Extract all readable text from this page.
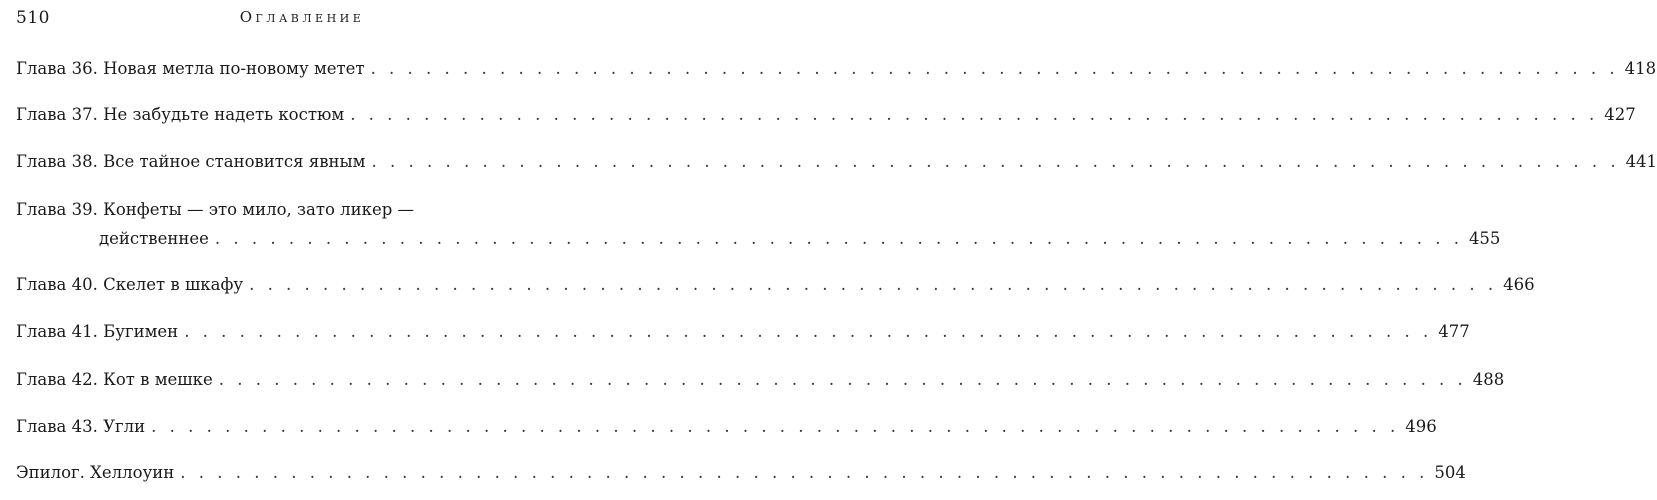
510	Оглавление
Глава 36. Новая метла по-новому метет . . .	418
Глава 37. Не забудьте надеть костюм . . .	427
Глава 38. Все тайное становится явным . . .	441
Глава 39. Конфеты — это мило, зато ликер —
действеннее . . .	455
Глава 40. Скелет в шкафу . . .	466
Глава 41. Бугимен . . .	477
Глава 42. Кот в мешке . . .	488
Глава 43. Угли . . .	496
Эпилог. Хеллоуин . . .	504
